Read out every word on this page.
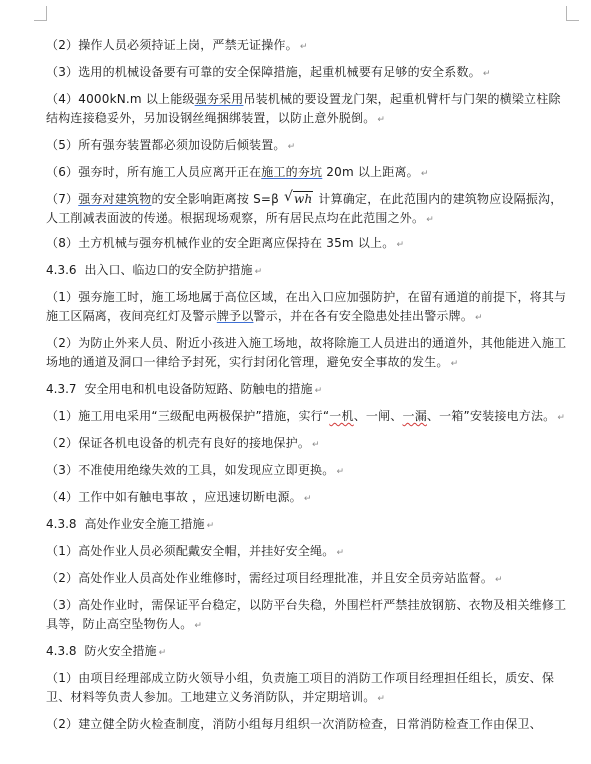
（2）操作人员必须持证上岗，严禁无证操作。 ↵
（3）选用的机械设备要有可靠的安全保障措施，起重机械要有足够的安全系数。 ↵
（4）4000kN.m 以上能级强夯采用吊装机械的要设置龙门架，起重机臂杆与门架的横梁立柱除结构连接稳妥外，另加设钢丝绳捆绑装置，以防止意外脱倒。 ↵
（5）所有强夯装置都必须加设防后倾装置。 ↵
（6）强夯时，所有施工人员应离开正在施工的夯坑 20m 以上距离。 ↵
（7）强夯对建筑物的安全影响距离按 S=β √ wh 计算确定，在此范围内的建筑物应设隔振沟，人工削减表面波的传递。根据现场观察，所有居民点均在此范围之外。 ↵
（8）土方机械与强夯机械作业的安全距离应保持在 35m 以上。 ↵
4.3.6 出入口、临边口的安全防护措施 ↵
（1）强夯施工时，施工场地属于高位区域，在出入口应加强防护，在留有通道的前提下，将其与施工区隔离，夜间亮红灯及警示牌予以警示，并在各有安全隐患处挂出警示牌。 ↵
（2）为防止外来人员、附近小孩进入施工场地，故将除施工人员进出的通道外，其他能进入施工场地的通道及洞口一律给予封死，实行封闭化管理，避免安全事故的发生。 ↵
4.3.7 安全用电和机电设备防短路、防触电的措施 ↵
（1）施工用电采用“三级配电两极保护”措施，实行“一机、一闸、一漏、一箱”安装接电方法。 ↵
（2）保证各机电设备的机壳有良好的接地保护。 ↵
（3）不准使用绝缘失效的工具，如发现应立即更换。 ↵
（4）工作中如有触电事故 ，应迅速切断电源。 ↵
4.3.8 高处作业安全施工措施 ↵
（1）高处作业人员必须配戴安全帽，并挂好安全绳。 ↵
（2）高处作业人员高处作业维修时，需经过项目经理批准，并且安全员旁站监督。 ↵
（3）高处作业时，需保证平台稳定，以防平台失稳，外围栏杆严禁挂放钢筋、衣物及相关维修工具等，防止高空坠物伤人。 ↵
4.3.8 防火安全措施 ↵
（1）由项目经理部成立防火领导小组，负责施工项目的消防工作项目经理担任组长，质安、保卫、材料等负责人参加。工地建立义务消防队，并定期培训。 ↵
（2）建立健全防火检查制度，消防小组每月组织一次消防检查，日常消防检查工作由保卫、
